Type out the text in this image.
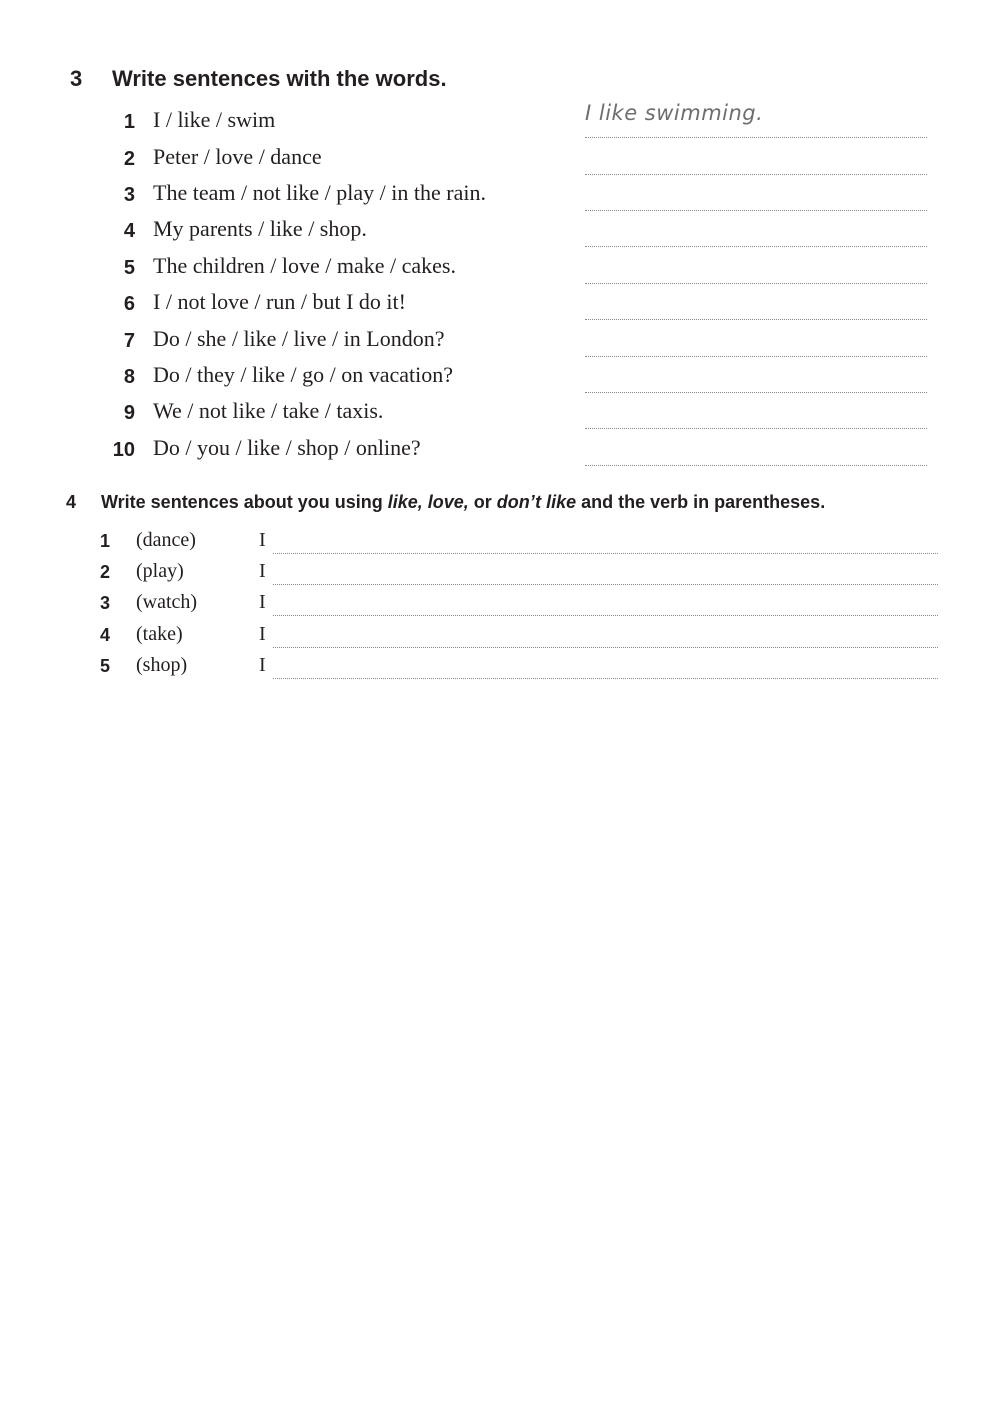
3 Write sentences with the words.
1 I / like / swim	I like swimming.
2 Peter / love / dance
3 The team / not like / play / in the rain.
4 My parents / like / shop.
5 The children / love / make / cakes.
6 I / not love / run / but I do it!
7 Do / she / like / live / in London?
8 Do / they / like / go / on vacation?
9 We / not like / take / taxis.
10 Do / you / like / shop / online?
4 Write sentences about you using like, love, or don’t like and the verb in parentheses.
1 (dance)	I
2 (play)	I
3 (watch)	I
4 (take)	I
5 (shop)	I
